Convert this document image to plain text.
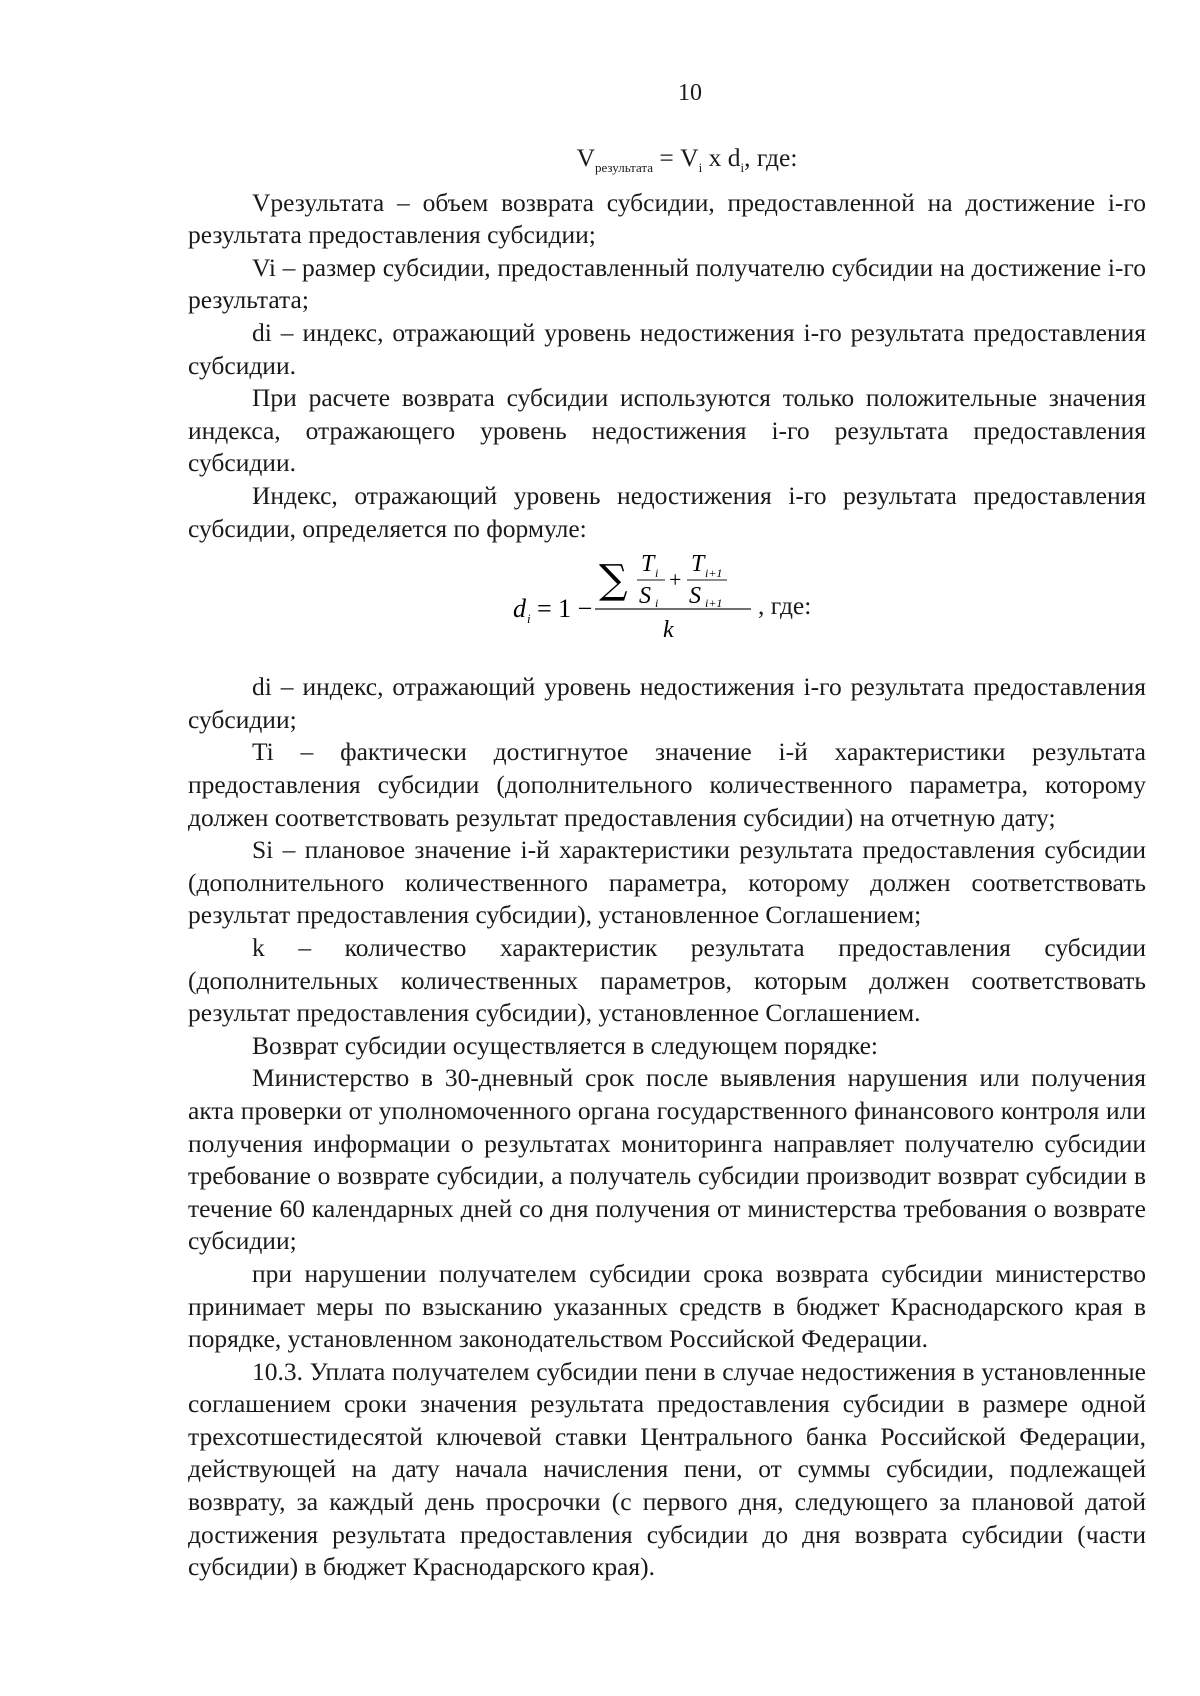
10
$V_{результата} = V_i$ x $d_i$, где:

Vрезультата – объем возврата субсидии, предоставленной на достижение i-го результата предоставления субсидии;

Vi – размер субсидии, предоставленный получателю субсидии на достижение i-го результата;

di – индекс, отражающий уровень недостижения i-го результата предоставления субсидии.

При расчете возврата субсидии используются только положительные значения индекса, отражающего уровень недостижения i-го результата предоставления субсидии.

Индекс, отражающий уровень недостижения i-го результата предоставления субсидии, определяется по формуле:

d i = 1 −
∑ T i
S i
+
T i+1
S i+1
k
, где:

di – индекс, отражающий уровень недостижения i-го результата предоставления субсидии;

Ti – фактически достигнутое значение i-й характеристики результата предоставления субсидии (дополнительного количественного параметра, которому должен соответствовать результат предоставления субсидии) на отчетную дату;

Si – плановое значение i-й характеристики результата предоставления субсидии (дополнительного количественного параметра, которому должен соответствовать результат предоставления субсидии), установленное Соглашением;

k – количество характеристик результата предоставления субсидии (дополнительных количественных параметров, которым должен соответствовать результат предоставления субсидии), установленное Соглашением.

Возврат субсидии осуществляется в следующем порядке:

Министерство в 30-дневный срок после выявления нарушения или получения акта проверки от уполномоченного органа государственного финансового контроля или получения информации о результатах мониторинга направляет получателю субсидии требование о возврате субсидии, а получатель субсидии производит возврат субсидии в течение 60 календарных дней со дня получения от министерства требования о возврате субсидии;

при нарушении получателем субсидии срока возврата субсидии министерство принимает меры по взысканию указанных средств в бюджет Краснодарского края в порядке, установленном законодательством Российской Федерации.

10.3. Уплата получателем субсидии пени в случае недостижения в установленные соглашением сроки значения результата предоставления субсидии в размере одной трехсотшестидесятой ключевой ставки Центрального банка Российской Федерации, действующей на дату начала начисления пени, от суммы субсидии, подлежащей возврату, за каждый день просрочки (с первого дня, следующего за плановой датой достижения результата предоставления субсидии до дня возврата субсидии (части субсидии) в бюджет Краснодарского края).
